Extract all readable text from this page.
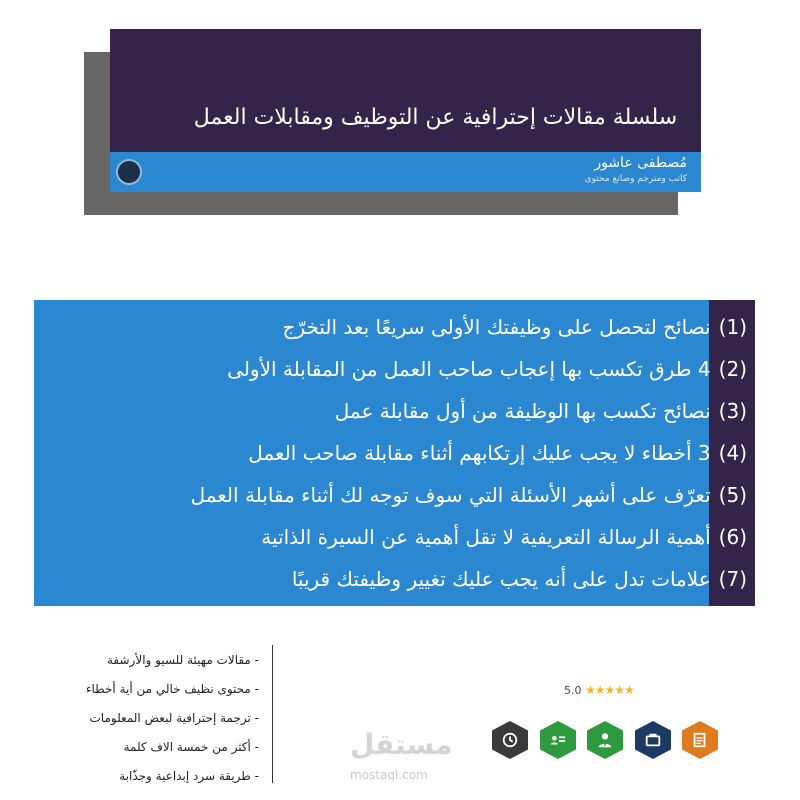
سلسلة مقالات إحترافية عن التوظيف ومقابلات العمل
مُصطفى عاشور
كاتب ومترجم وصانع محتوى
(1)نصائح لتحصل على وظيفتك الأولى سريعًا بعد التخرّج
(2)4 طرق تكسب بها إعجاب صاحب العمل من المقابلة الأولى
(3)نصائح تكسب بها الوظيفة من أول مقابلة عمل
(4)3 أخطاء لا يجب عليك إرتكابهم أثناء مقابلة صاحب العمل
(5)تعرّف على أشهر الأسئلة التي سوف توجه لك أثناء مقابلة العمل
(6)أهمية الرسالة التعريفية لا تقل أهمية عن السيرة الذاتية
(7)علامات تدل على أنه يجب عليك تغيير وظيفتك قريبًا
- مقالات مهيئة للسيو والأرشفة
- محتوى نظيف خالي من أية أخطاء
- ترجمة إحترافية لبعض المعلومات
- أكثر من خمسة الاف كلمة
- طريقة سرد إبداعية وجذّابة
5.0 ★★★★★
مستقل
mostaql.com
